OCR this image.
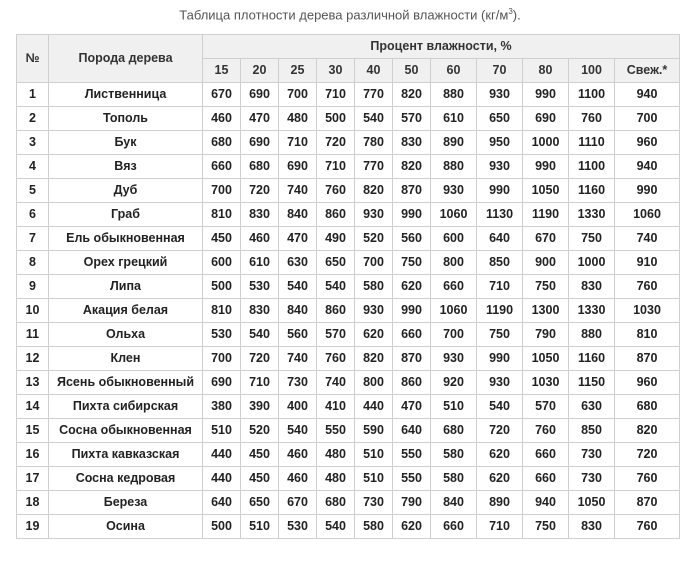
Таблица плотности дерева различной влажности $(кг/м^3)$.
№	Порода дерева	Процент влажности, %										
		15	20	25	30	40	50	60	70	80	100	Свеж.*
1	Лиственница	670	690	700	710	770	820	880	930	990	1100	940
2	Тополь	460	470	480	500	540	570	610	650	690	760	700
3	Бук	680	690	710	720	780	830	890	950	1000	1110	960
4	Вяз	660	680	690	710	770	820	880	930	990	1100	940
5	Дуб	700	720	740	760	820	870	930	990	1050	1160	990
6	Граб	810	830	840	860	930	990	1060	1130	1190	1330	1060
7	Ель обыкновенная	450	460	470	490	520	560	600	640	670	750	740
8	Орех грецкий	600	610	630	650	700	750	800	850	900	1000	910
9	Липа	500	530	540	540	580	620	660	710	750	830	760
10	Акация белая	810	830	840	860	930	990	1060	1190	1300	1330	1030
11	Ольха	530	540	560	570	620	660	700	750	790	880	810
12	Клен	700	720	740	760	820	870	930	990	1050	1160	870
13	Ясень обыкновенный	690	710	730	740	800	860	920	930	1030	1150	960
14	Пихта сибирская	380	390	400	410	440	470	510	540	570	630	680
15	Сосна обыкновенная	510	520	540	550	590	640	680	720	760	850	820
16	Пихта кавказская	440	450	460	480	510	550	580	620	660	730	720
17	Сосна кедровая	440	450	460	480	510	550	580	620	660	730	760
18	Береза	640	650	670	680	730	790	840	890	940	1050	870
19	Осина	500	510	530	540	580	620	660	710	750	830	760
